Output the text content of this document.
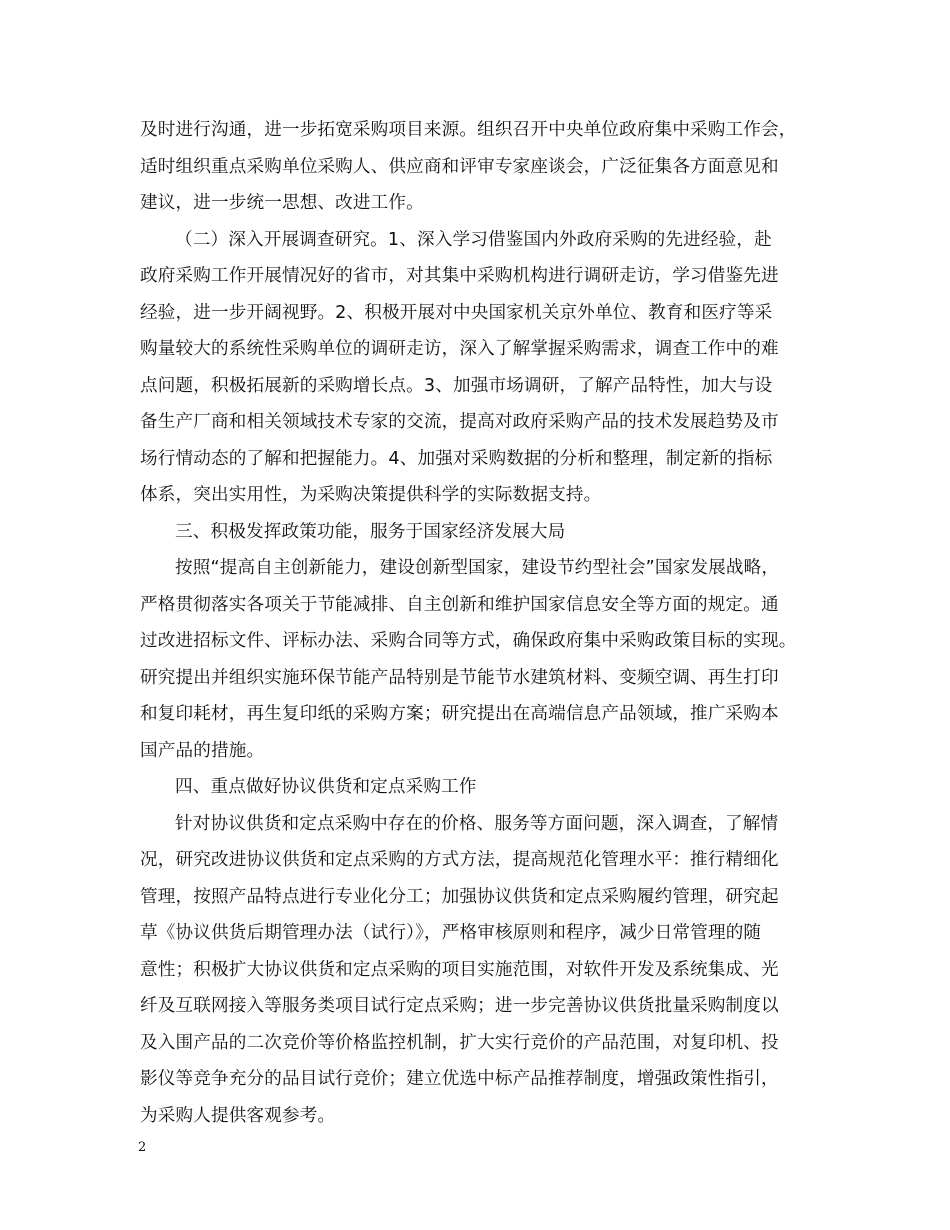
及时进行沟通，进一步拓宽采购项目来源。组织召开中央单位政府集中采购工作会，
适时组织重点采购单位采购人、供应商和评审专家座谈会，广泛征集各方面意见和
建议，进一步统一思想、改进工作。
（二）深入开展调查研究。1、深入学习借鉴国内外政府采购的先进经验，赴
政府采购工作开展情况好的省市，对其集中采购机构进行调研走访，学习借鉴先进
经验，进一步开阔视野。2、积极开展对中央国家机关京外单位、教育和医疗等采
购量较大的系统性采购单位的调研走访，深入了解掌握采购需求，调查工作中的难
点问题，积极拓展新的采购增长点。3、加强市场调研，了解产品特性，加大与设
备生产厂商和相关领域技术专家的交流，提高对政府采购产品的技术发展趋势及市
场行情动态的了解和把握能力。4、加强对采购数据的分析和整理，制定新的指标
体系，突出实用性，为采购决策提供科学的实际数据支持。
三、积极发挥政策功能，服务于国家经济发展大局
按照“提高自主创新能力，建设创新型国家，建设节约型社会”国家发展战略，
严格贯彻落实各项关于节能减排、自主创新和维护国家信息安全等方面的规定。通
过改进招标文件、评标办法、采购合同等方式，确保政府集中采购政策目标的实现。
研究提出并组织实施环保节能产品特别是节能节水建筑材料、变频空调、再生打印
和复印耗材，再生复印纸的采购方案；研究提出在高端信息产品领域，推广采购本
国产品的措施。
四、重点做好协议供货和定点采购工作
针对协议供货和定点采购中存在的价格、服务等方面问题，深入调查，了解情
况，研究改进协议供货和定点采购的方式方法，提高规范化管理水平：推行精细化
管理，按照产品特点进行专业化分工；加强协议供货和定点采购履约管理，研究起
草《协议供货后期管理办法（试行）》，严格审核原则和程序，减少日常管理的随
意性；积极扩大协议供货和定点采购的项目实施范围，对软件开发及系统集成、光
纤及互联网接入等服务类项目试行定点采购；进一步完善协议供货批量采购制度以
及入围产品的二次竞价等价格监控机制，扩大实行竞价的产品范围，对复印机、投
影仪等竞争充分的品目试行竞价；建立优选中标产品推荐制度，增强政策性指引，
为采购人提供客观参考。
2
